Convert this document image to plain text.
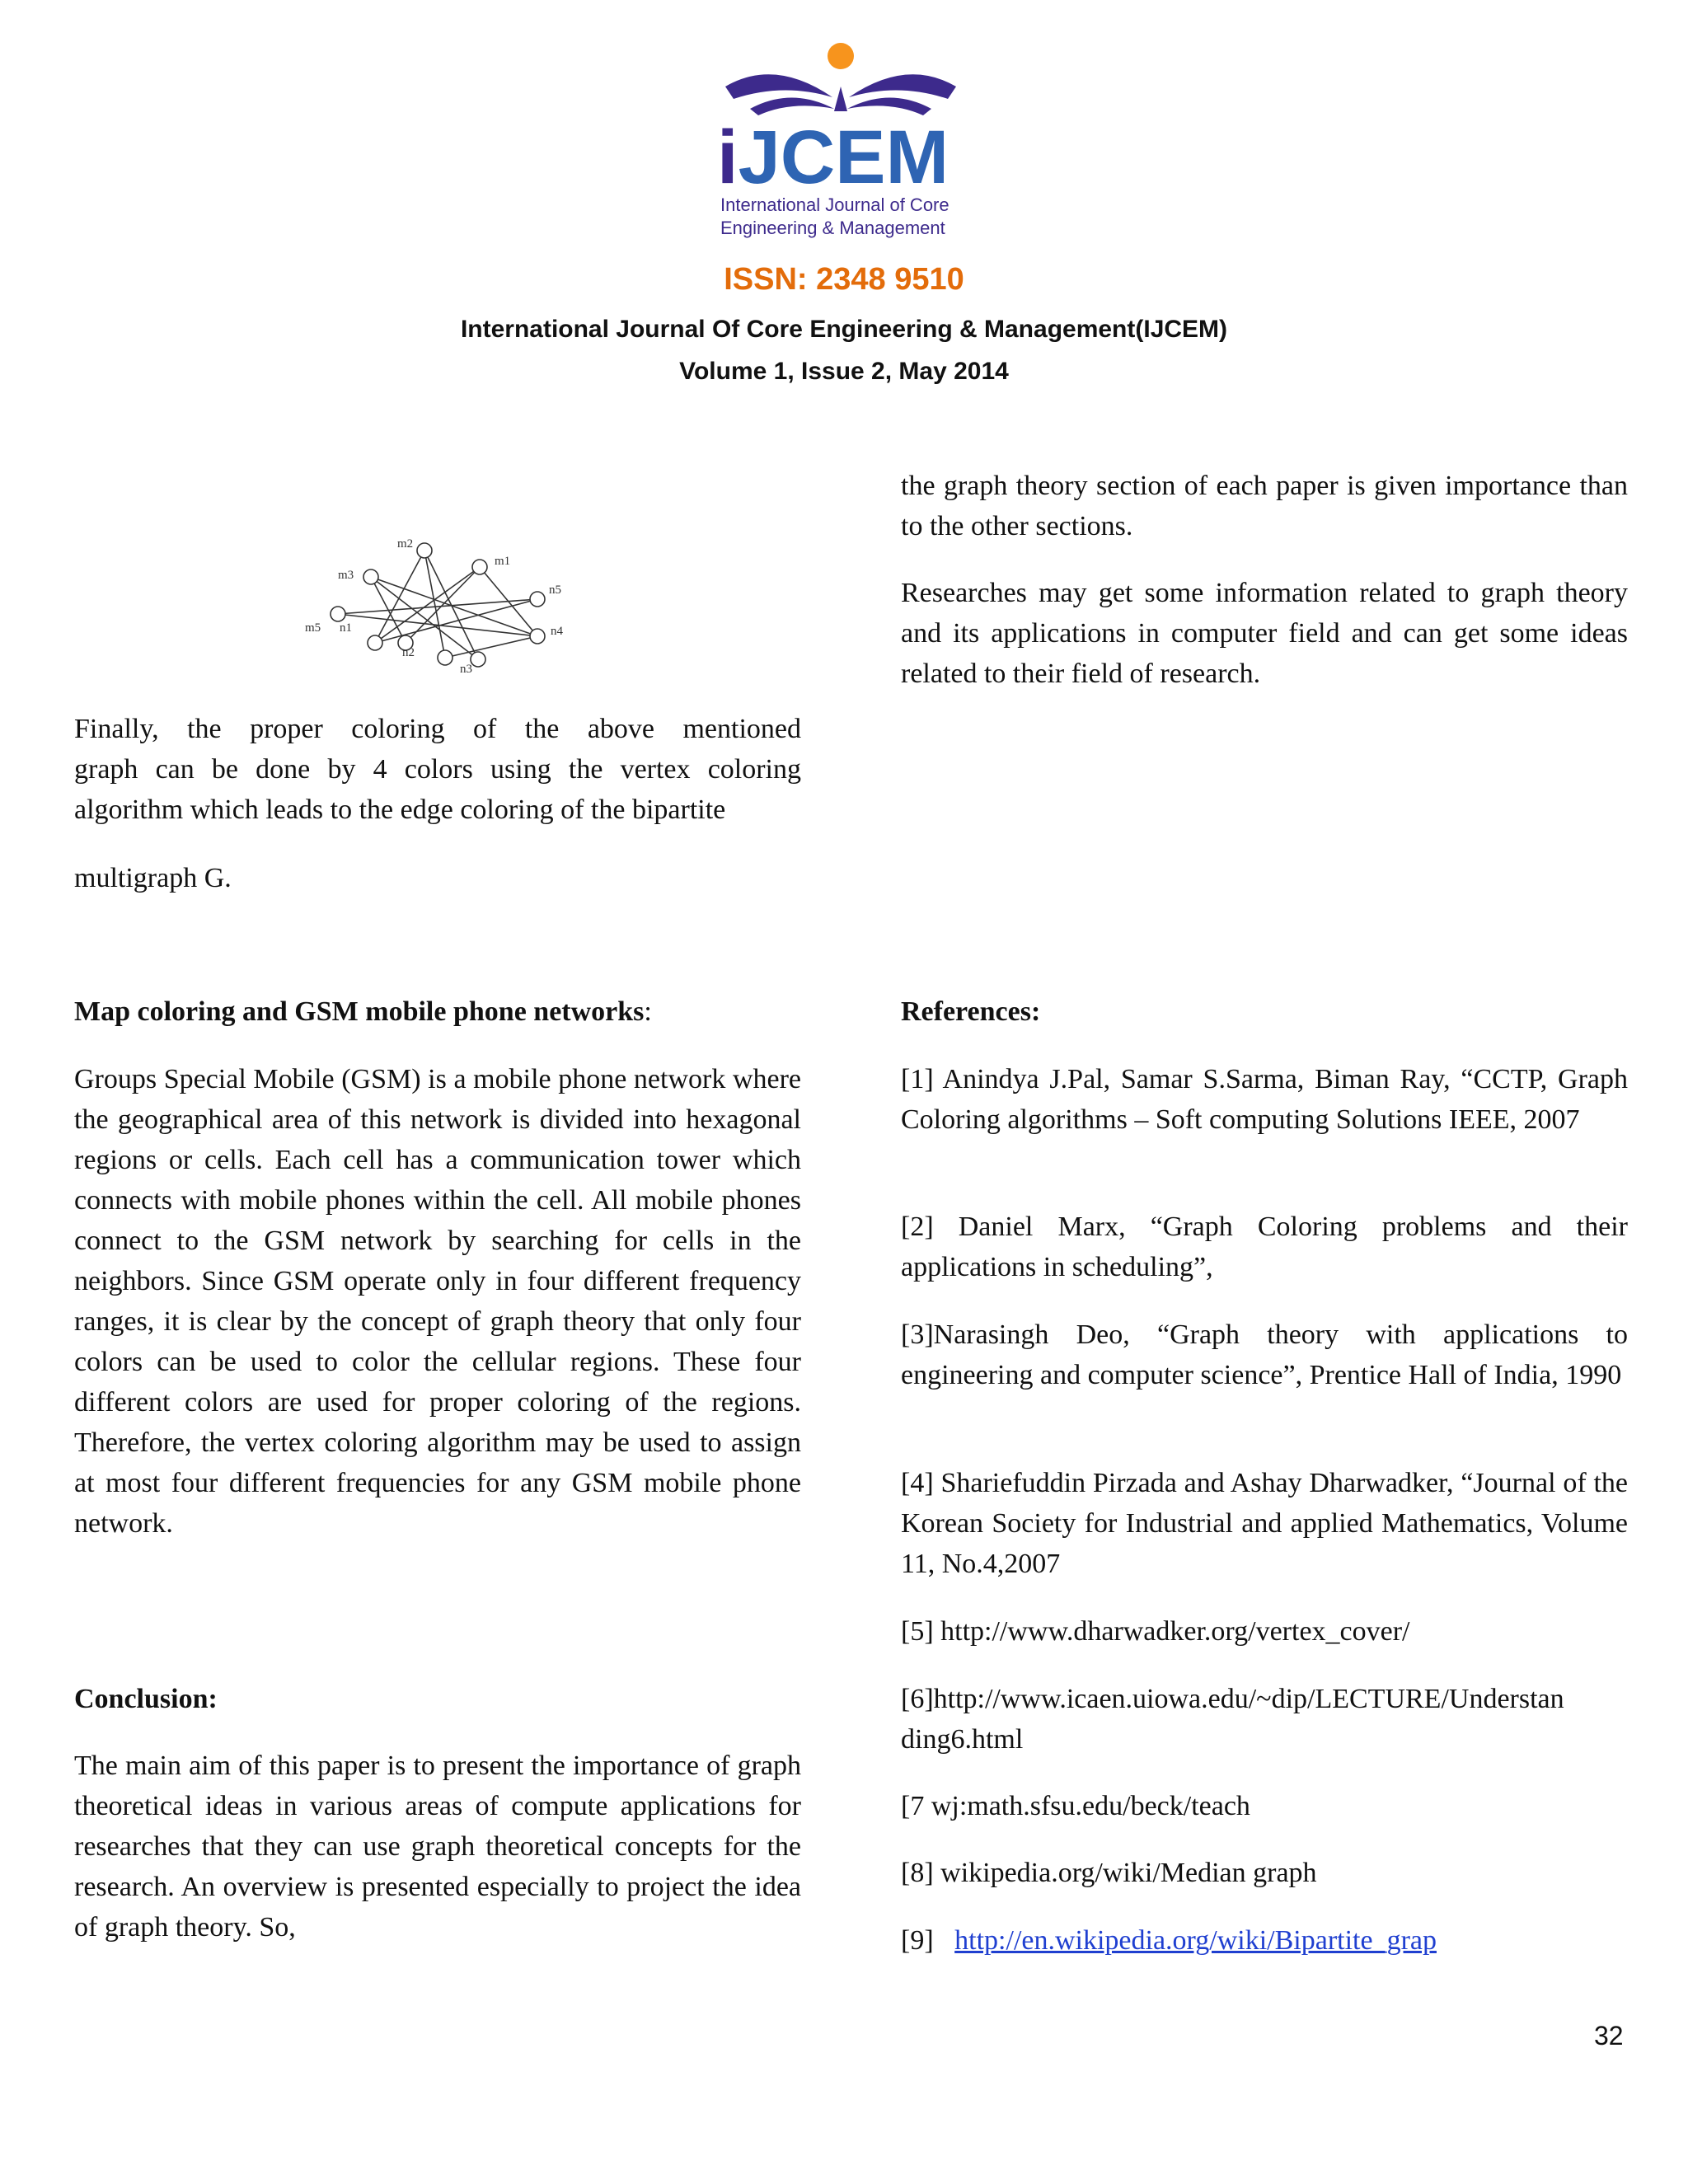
iJCEM
International Journal of Core
Engineering & Management
ISSN: 2348 9510
International Journal Of Core Engineering & Management(IJCEM)
Volume 1, Issue 2, May 2014
m2
m1
m3
n5
m5 n1	n4
n2
n3
Finally, the proper coloring of the above mentioned
graph can be done by 4 colors using the vertex coloring
algorithm which leads to the edge coloring of the bipartite
multigraph G.
Map coloring and GSM mobile phone networks:
Groups Special Mobile (GSM) is a mobile phone network where the geographical area of this network is divided into hexagonal regions or cells. Each cell has a communication tower which connects with mobile phones within the cell. All mobile phones connect to the GSM network by searching for cells in the neighbors. Since GSM operate only in four different frequency ranges, it is clear by the concept of graph theory that only four colors can be used to color the cellular regions. These four different colors are used for proper coloring of the regions. Therefore, the vertex coloring algorithm may be used to assign at most four different frequencies for any GSM mobile phone network.
Conclusion:
The main aim of this paper is to present the importance of graph theoretical ideas in various areas of compute applications for researches that they can use graph theoretical concepts for the research. An overview is presented especially to project the idea of graph theory. So,
the graph theory section of each paper is given importance than to the other sections.
Researches may get some information related to graph theory and its applications in computer field and can get some ideas related to their field of research.
References:
[1] Anindya J.Pal, Samar S.Sarma, Biman Ray, “CCTP, Graph Coloring algorithms – Soft computing Solutions IEEE, 2007
[2] Daniel Marx, “Graph Coloring problems and their applications in scheduling”,
[3]Narasingh Deo, “Graph theory with applications to engineering and computer science”, Prentice Hall of India, 1990
[4] Shariefuddin Pirzada and Ashay Dharwadker, “Journal of the Korean Society for Industrial and applied Mathematics, Volume 11, No.4,2007
[5] http://www.dharwadker.org/vertex_cover/
[6]http://www.icaen.uiowa.edu/~dip/LECTURE/Understan ding6.html
[7 wj:math.sfsu.edu/beck/teach
[8] wikipedia.org/wiki/Median graph
[9] http://en.wikipedia.org/wiki/Bipartite_grap
32
